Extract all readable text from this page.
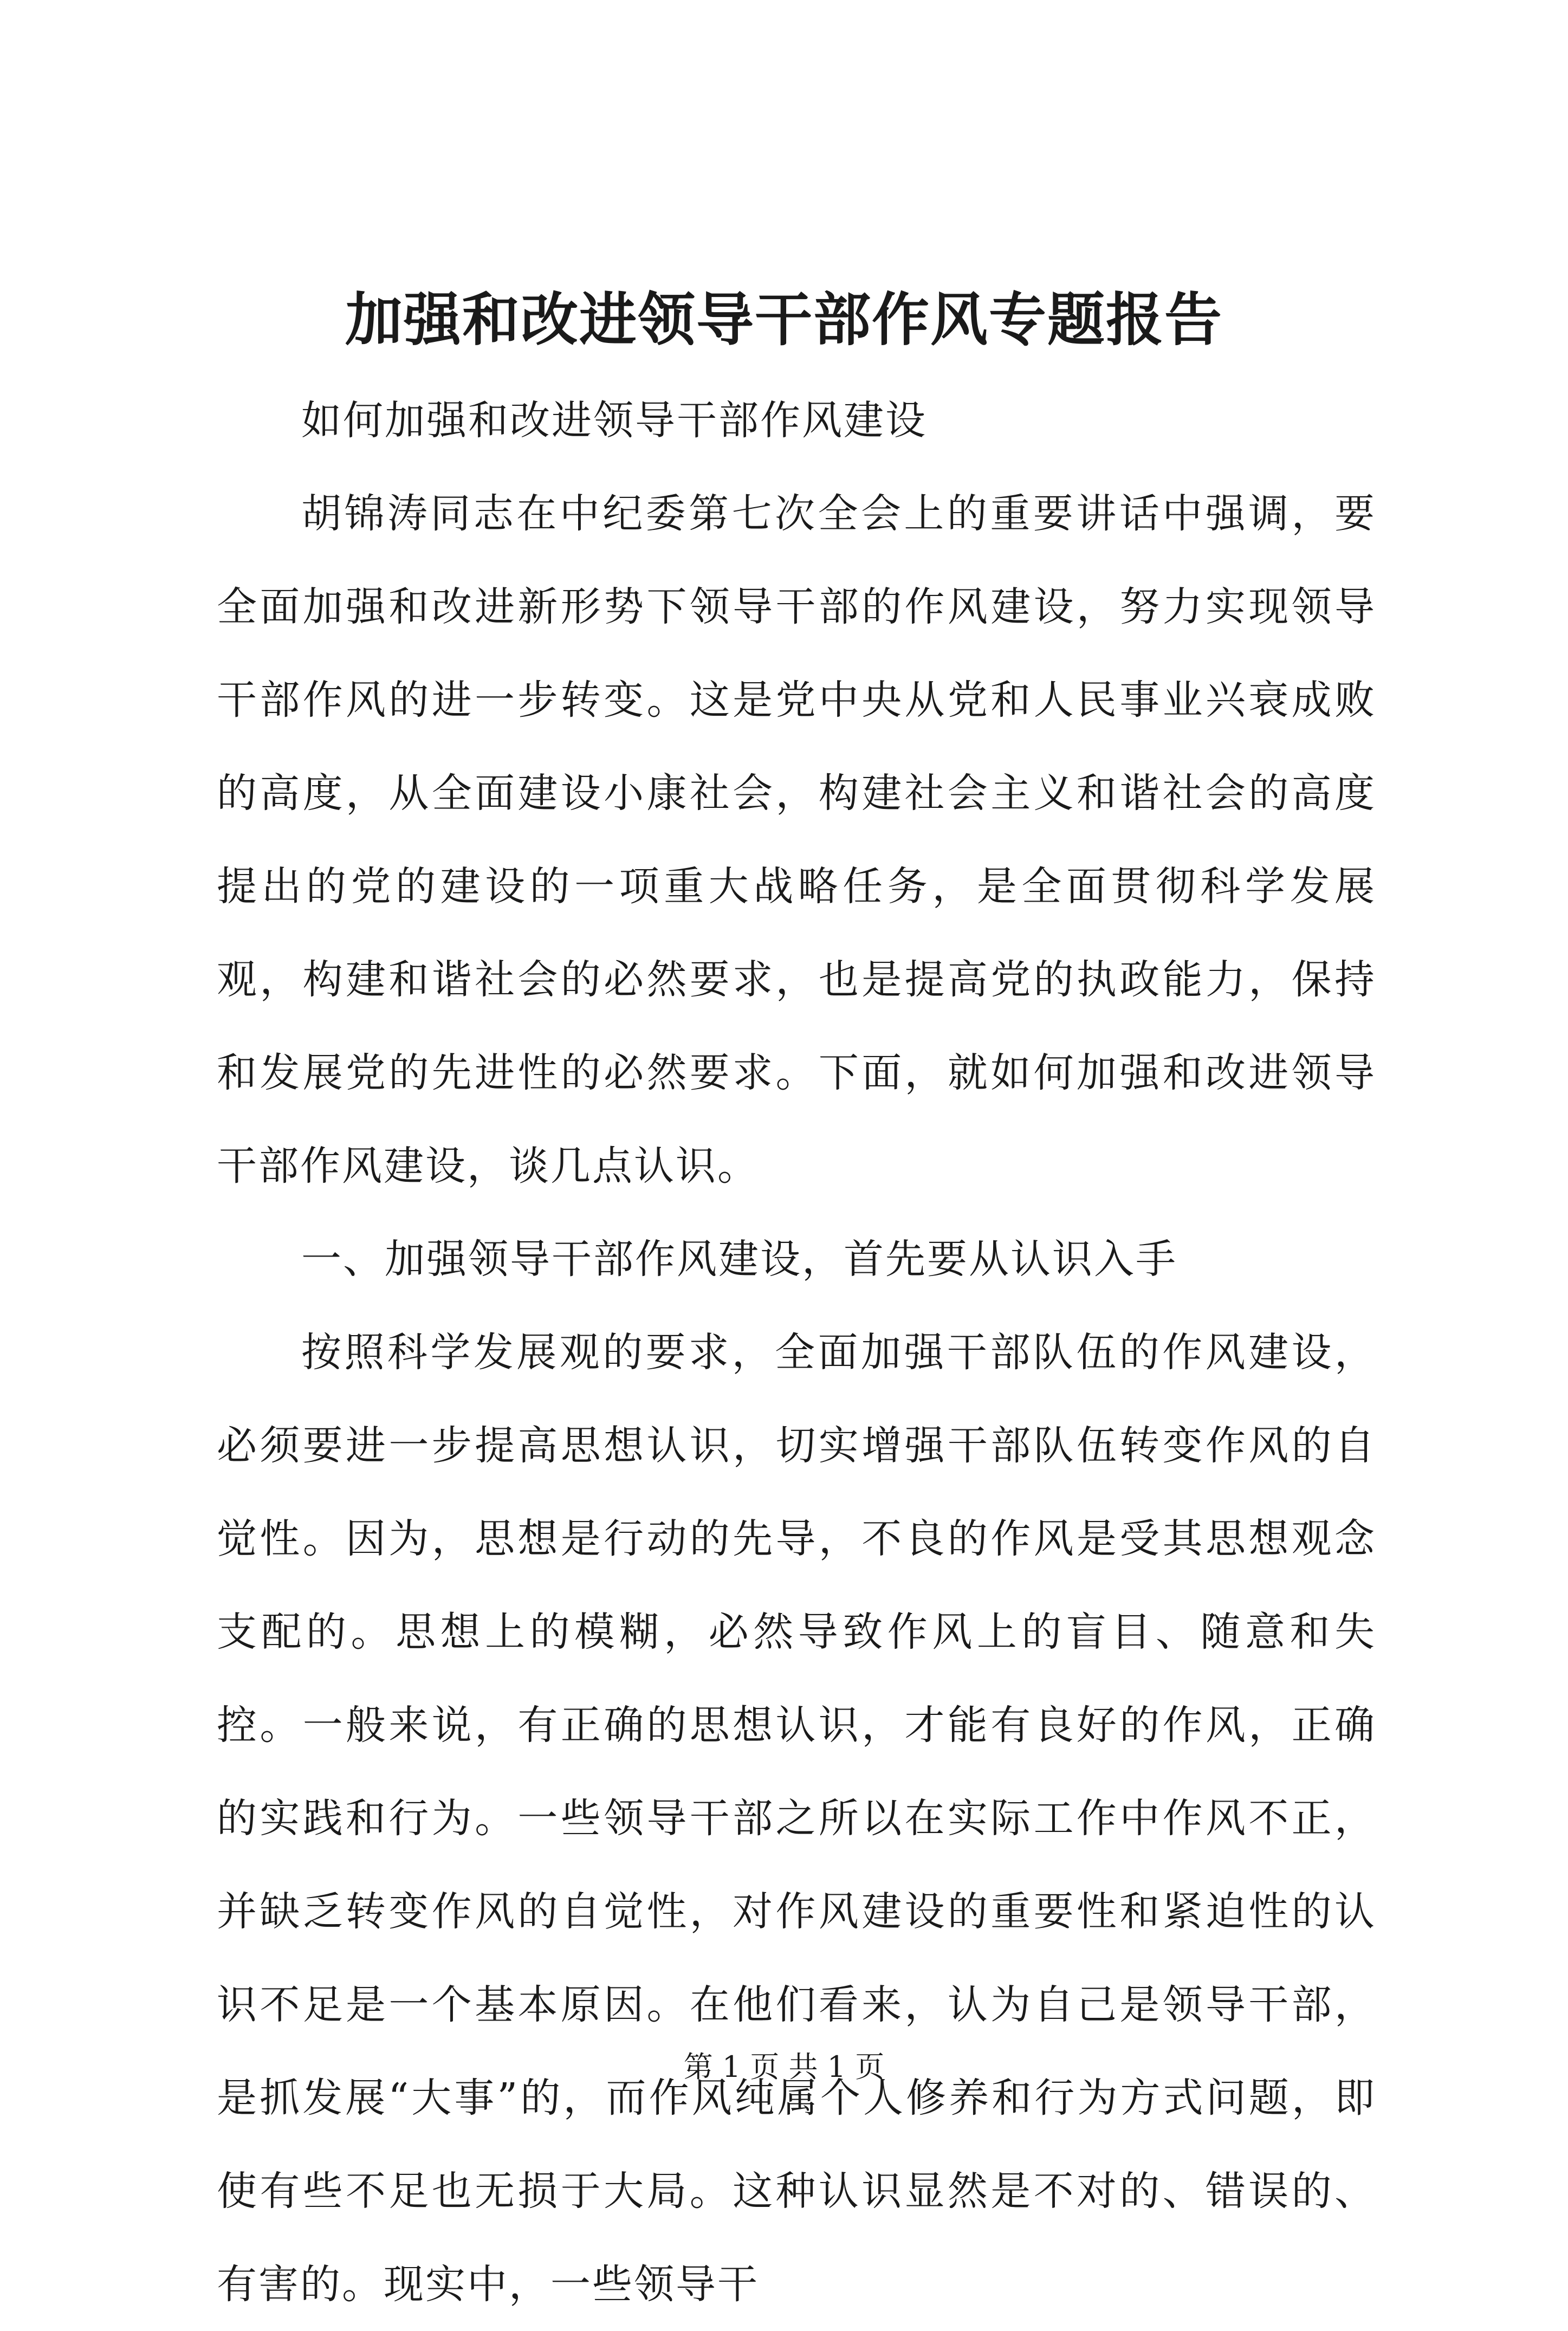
加强和改进领导干部作风专题报告

如何加强和改进领导干部作风建设

胡锦涛同志在中纪委第七次全会上的重要讲话中强调，要全面加强和改进新形势下领导干部的作风建设，努力实现领导干部作风的进一步转变。这是党中央从党和人民事业兴衰成败的高度，从全面建设小康社会，构建社会主义和谐社会的高度提出的党的建设的一项重大战略任务，是全面贯彻科学发展观，构建和谐社会的必然要求，也是提高党的执政能力，保持和发展党的先进性的必然要求。下面，就如何加强和改进领导干部作风建设，谈几点认识。

一、加强领导干部作风建设，首先要从认识入手

按照科学发展观的要求，全面加强干部队伍的作风建设，必须要进一步提高思想认识，切实增强干部队伍转变作风的自觉性。因为，思想是行动的先导，不良的作风是受其思想观念支配的。思想上的模糊，必然导致作风上的盲目、随意和失控。一般来说，有正确的思想认识，才能有良好的作风，正确的实践和行为。一些领导干部之所以在实际工作中作风不正，并缺乏转变作风的自觉性，对作风建设的重要性和紧迫性的认识不足是一个基本原因。在他们看来，认为自己是领导干部，是抓发展“大事”的，而作风纯属个人修养和行为方式问题，即使有些不足也无损于大局。这种认识显然是不对的、错误的、有害的。现实中，一些领导干

第 1 页 共 1 页
